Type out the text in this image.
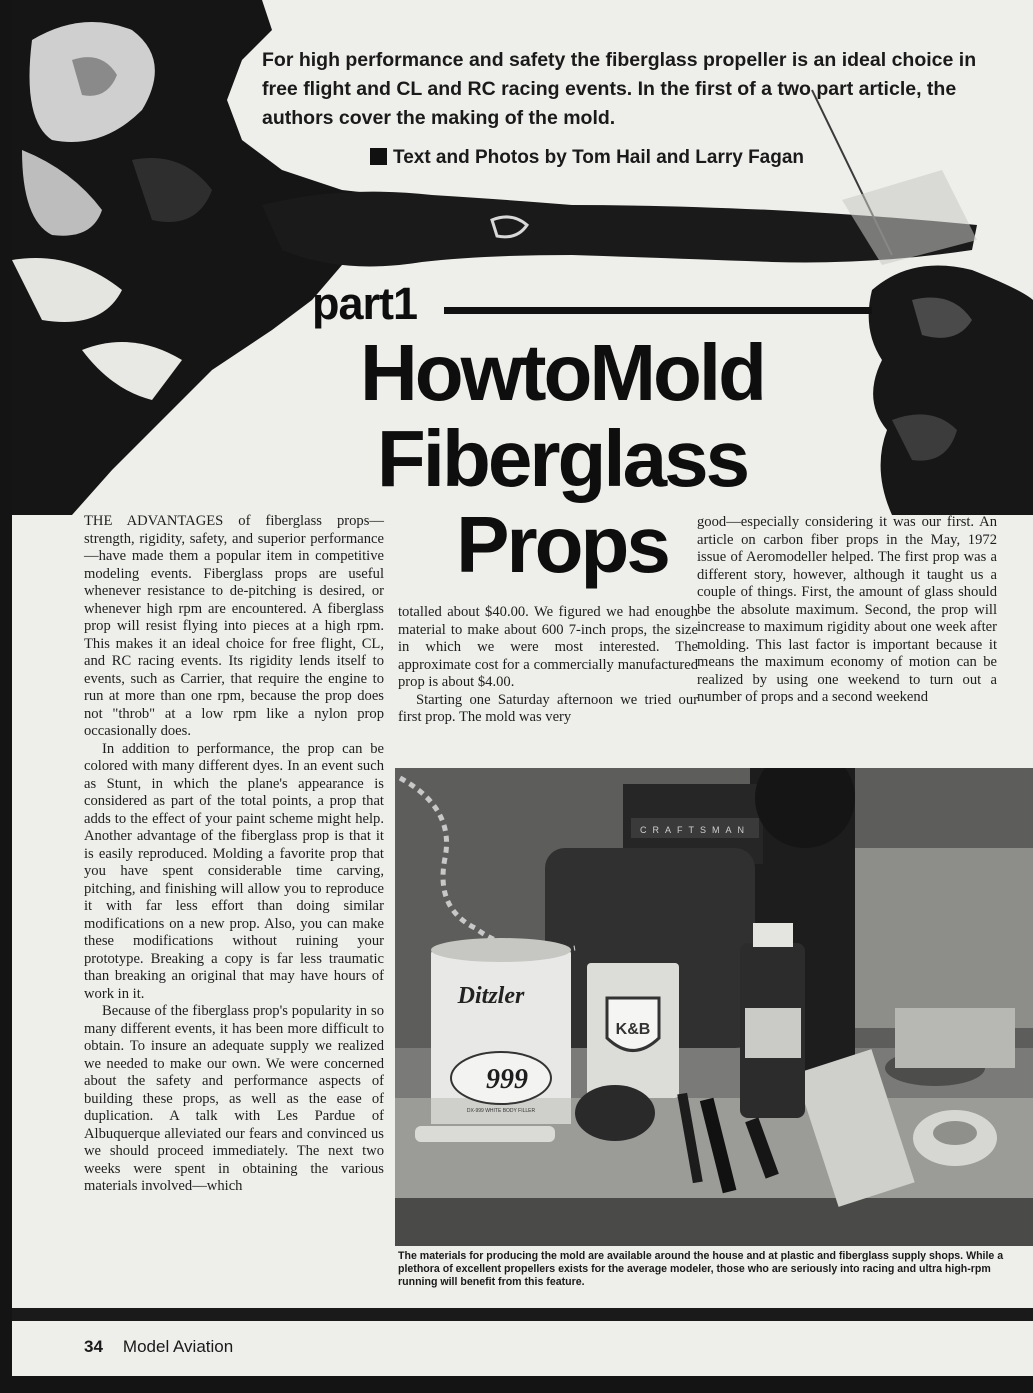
For high performance and safety the fiberglass propeller is an ideal choice in free flight and CL and RC racing events. In the first of a two part article, the authors cover the making of the mold.

Text and Photos by Tom Hail and Larry Fagan
part1
HowtoMold
Fiberglass
Props

THE ADVANTAGES of fiberglass props—strength, rigidity, safety, and superior performance—have made them a popular item in competitive modeling events. Fiberglass props are useful whenever resistance to de-pitching is desired, or whenever high rpm are encountered. A fiberglass prop will resist flying into pieces at a high rpm. This makes it an ideal choice for free flight, CL, and RC racing events. Its rigidity lends itself to events, such as Carrier, that require the engine to run at more than one rpm, because the prop does not "throb" at a low rpm like a nylon prop occasionally does.

In addition to performance, the prop can be colored with many different dyes. In an event such as Stunt, in which the plane's appearance is considered as part of the total points, a prop that adds to the effect of your paint scheme might help. Another advantage of the fiberglass prop is that it is easily reproduced. Molding a favorite prop that you have spent considerable time carving, pitching, and finishing will allow you to reproduce it with far less effort than doing similar modifications on a new prop. Also, you can make these modifications without ruining your prototype. Breaking a copy is far less traumatic than breaking an original that may have hours of work in it.

Because of the fiberglass prop's popularity in so many different events, it has been more difficult to obtain. To insure an adequate supply we realized we needed to make our own. We were concerned about the safety and performance aspects of building these props, as well as the ease of duplication. A talk with Les Pardue of Albuquerque alleviated our fears and convinced us we should proceed immediately. The next two weeks were spent in obtaining the various materials involved—which

totalled about $40.00. We figured we had enough material to make about 600 7-inch props, the size in which we were most interested. The approximate cost for a commercially manufactured prop is about $4.00.

Starting one Saturday afternoon we tried our first prop. The mold was very

good—especially considering it was our first. An article on carbon fiber props in the May, 1972 issue of Aeromodeller helped. The first prop was a different story, however, although it taught us a couple of things. First, the amount of glass should be the absolute maximum. Second, the prop will increase to maximum rigidity about one week after molding. This last factor is important because it means the maximum economy of motion can be realized by using one weekend to turn out a number of props and a second weekend

CRAFTSMAN
Ditzler
999
DX-999 WHITE BODY FILLER
K&B

The materials for producing the mold are available around the house and at plastic and fiberglass supply shops. While a plethora of excellent propellers exists for the average modeler, those who are seriously into racing and ultra high-rpm running will benefit from this feature.

34 Model Aviation
